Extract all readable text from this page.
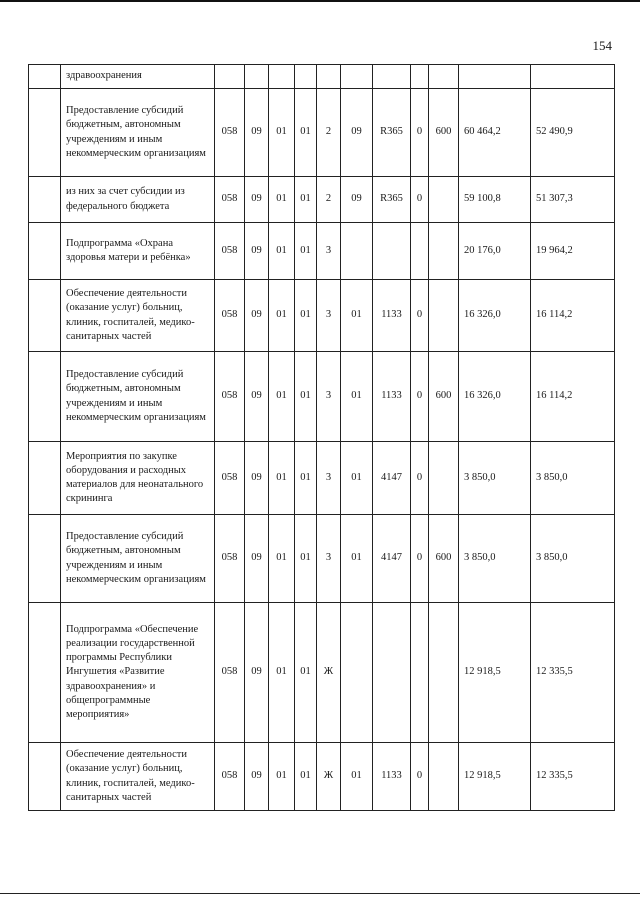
154
	здравоохранения											
	Предоставление субсидий бюджетным, автономным учреждениям и иным некоммерческим организациям	058	09	01	01	2	09	R365	0	600	60 464,2	52 490,9
	из них за счет субсидии из федерального бюджета	058	09	01	01	2	09	R365	0		59 100,8	51 307,3
	Подпрограмма «Охрана здоровья матери и ребёнка»	058	09	01	01	3					20 176,0	19 964,2
	Обеспечение деятельности (оказание услуг) больниц, клиник, госпиталей, медико-санитарных частей	058	09	01	01	3	01	1133	0		16 326,0	16 114,2
	Предоставление субсидий бюджетным, автономным учреждениям и иным некоммерческим организациям	058	09	01	01	3	01	1133	0	600	16 326,0	16 114,2
	Мероприятия по закупке оборудования и расходных материалов для неонатального скрининга	058	09	01	01	3	01	4147	0		3 850,0	3 850,0
	Предоставление субсидий бюджетным, автономным учреждениям и иным некоммерческим организациям	058	09	01	01	3	01	4147	0	600	3 850,0	3 850,0
	Подпрограмма «Обеспечение реализации государственной программы Республики Ингушетия «Развитие здравоохранения» и общепрограммные мероприятия»	058	09	01	01	Ж					12 918,5	12 335,5
	Обеспечение деятельности (оказание услуг) больниц, клиник, госпиталей, медико-санитарных частей	058	09	01	01	Ж	01	1133	0		12 918,5	12 335,5
